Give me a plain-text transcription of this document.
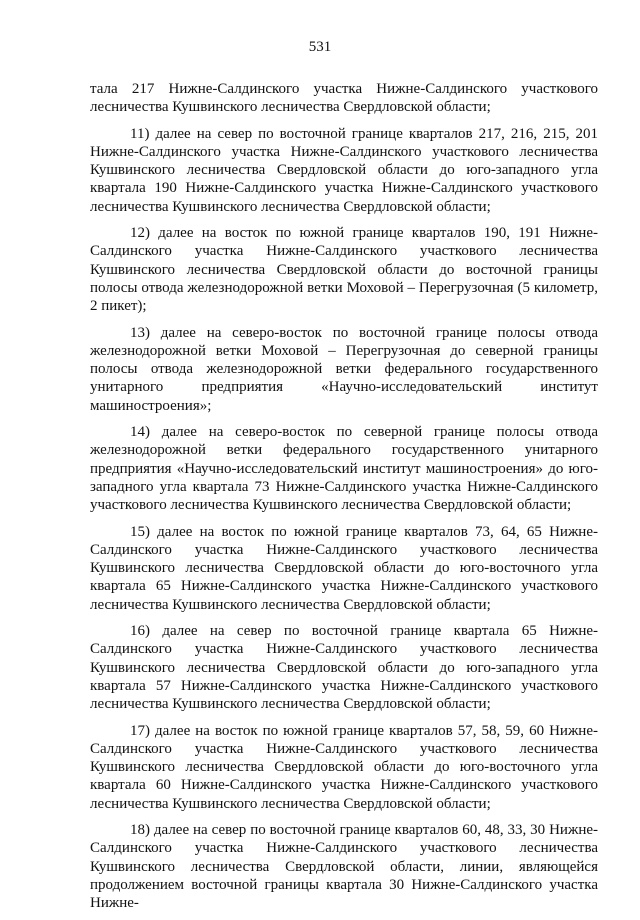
531

тала 217 Нижне-Салдинского участка Нижне-Салдинского участкового лесничества Кушвинского лесничества Свердловской области;

11) далее на север по восточной границе кварталов 217, 216, 215, 201 Нижне-Салдинского участка Нижне-Салдинского участкового лесничества Кушвинского лесничества Свердловской области до юго-западного угла квартала 190 Нижне-Салдинского участка Нижне-Салдинского участкового лесничества Кушвинского лесничества Свердловской области;

12) далее на восток по южной границе кварталов 190, 191 Нижне-Салдинского участка Нижне-Салдинского участкового лесничества Кушвинского лесничества Свердловской области до восточной границы полосы отвода железнодорожной ветки Моховой – Перегрузочная (5 километр, 2 пикет);

13) далее на северо-восток по восточной границе полосы отвода железнодорожной ветки Моховой – Перегрузочная до северной границы полосы отвода железнодорожной ветки федерального государственного унитарного предприятия «Научно-исследовательский институт машиностроения»;

14) далее на северо-восток по северной границе полосы отвода железнодорожной ветки федерального государственного унитарного предприятия «Научно-исследовательский институт машиностроения» до юго-западного угла квартала 73 Нижне-Салдинского участка Нижне-Салдинского участкового лесничества Кушвинского лесничества Свердловской области;

15) далее на восток по южной границе кварталов 73, 64, 65 Нижне-Салдинского участка Нижне-Салдинского участкового лесничества Кушвинского лесничества Свердловской области до юго-восточного угла квартала 65 Нижне-Салдинского участка Нижне-Салдинского участкового лесничества Кушвинского лесничества Свердловской области;

16) далее на север по восточной границе квартала 65 Нижне-Салдинского участка Нижне-Салдинского участкового лесничества Кушвинского лесничества Свердловской области до юго-западного угла квартала 57 Нижне-Салдинского участка Нижне-Салдинского участкового лесничества Кушвинского лесничества Свердловской области;

17) далее на восток по южной границе кварталов 57, 58, 59, 60 Нижне-Салдинского участка Нижне-Салдинского участкового лесничества Кушвинского лесничества Свердловской области до юго-восточного угла квартала 60 Нижне-Салдинского участка Нижне-Салдинского участкового лесничества Кушвинского лесничества Свердловской области;

18) далее на север по восточной границе кварталов 60, 48, 33, 30 Нижне-Салдинского участка Нижне-Салдинского участкового лесничества Кушвинского лесничества Свердловской области, линии, являющейся продолжением восточной границы квартала 30 Нижне-Салдинского участка Нижне-
